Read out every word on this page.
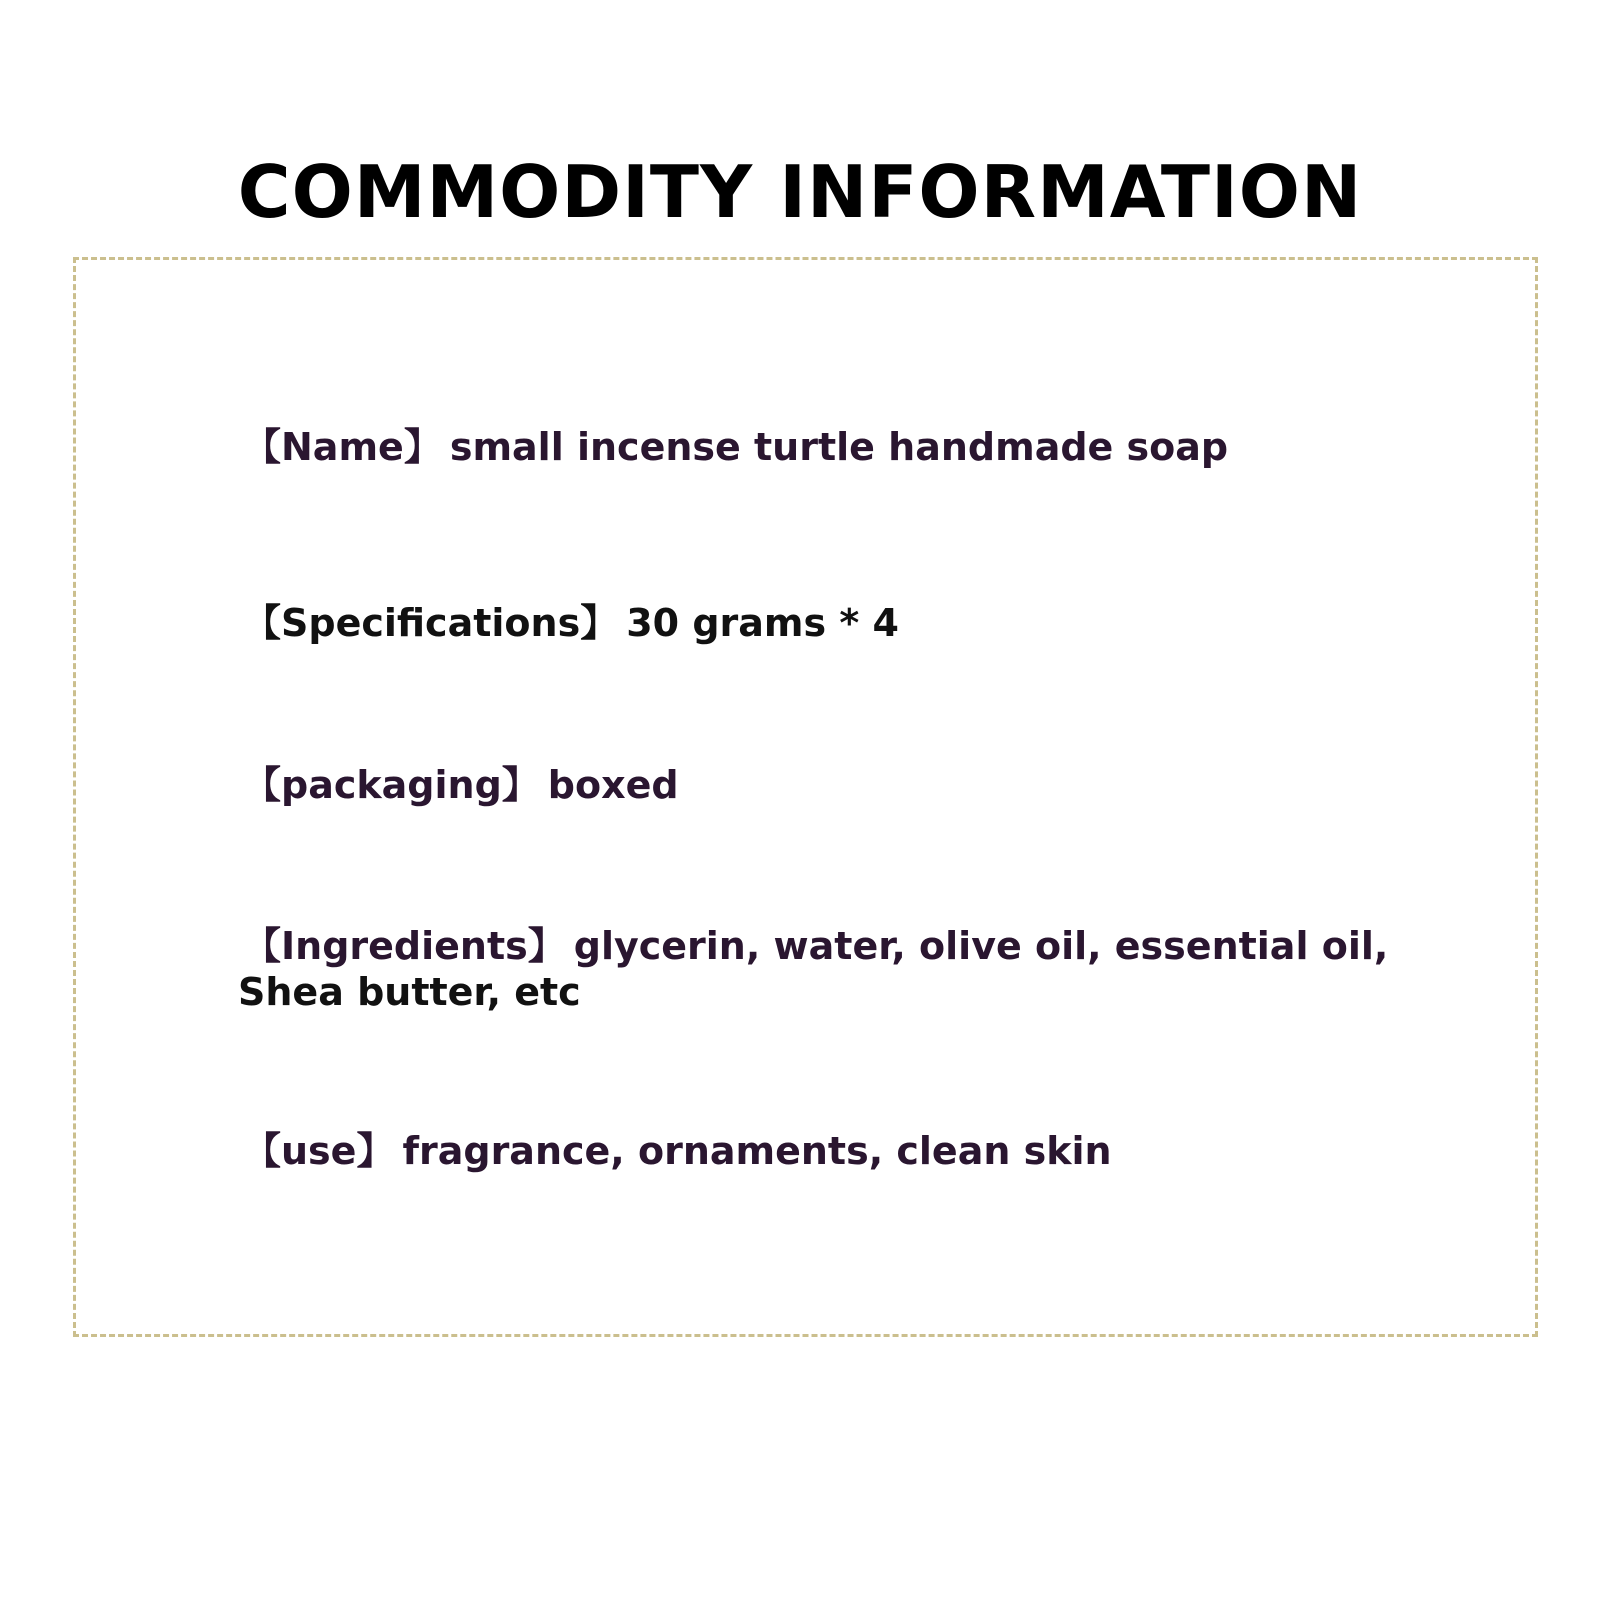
COMMODITY INFORMATION
【Name】 small incense turtle handmade soap
【Specifications】 30 grams * 4
【packaging】 boxed
【Ingredients】 glycerin, water, olive oil, essential oil,
Shea butter, etc
【use】 fragrance, ornaments, clean skin
